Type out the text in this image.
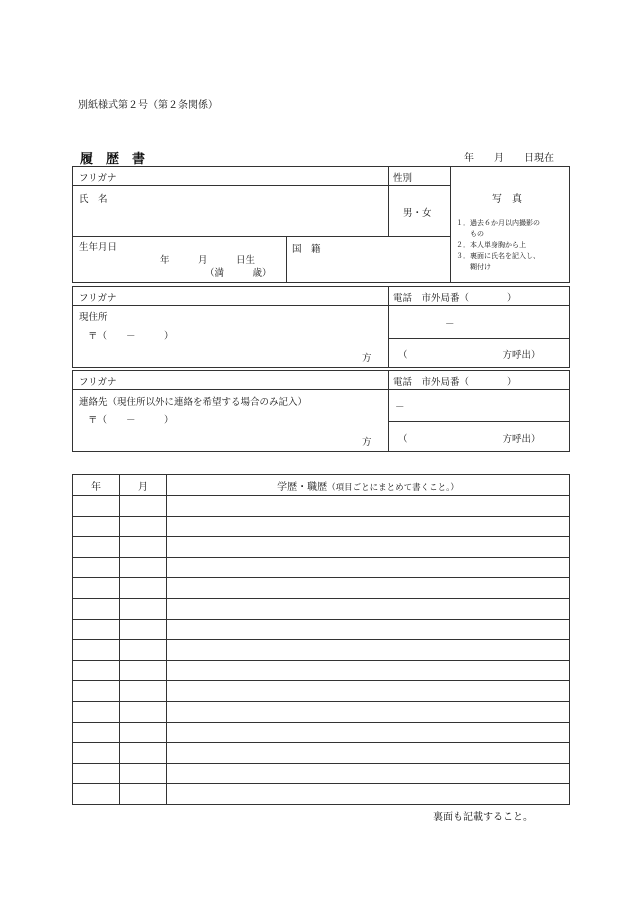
別紙様式第２号（第２条関係）
履　歴　書	年　　月　　日現在
フリガナ	性別
氏　名
男・女
生年月日
年　　　月　　　日生
（満　　　歳）
国　籍
写　真
１．過去６か月以内撮影の
　　もの
２．本人単身胸から上
３．裏面に氏名を記入し、
　　糊付け
フリガナ	電話　市外局番（　　　　）
現住所
〒（　　－　　　）
－
方	（　　　　　　　　　　方呼出）
フリガナ	電話　市外局番（　　　　）
連絡先（現住所以外に連絡を希望する場合のみ記入）
〒（　　－　　　）
－
方	（　　　　　　　　　　方呼出）
年	月	学歴・職歴（項目ごとにまとめて書くこと。）

裏面も記載すること。
